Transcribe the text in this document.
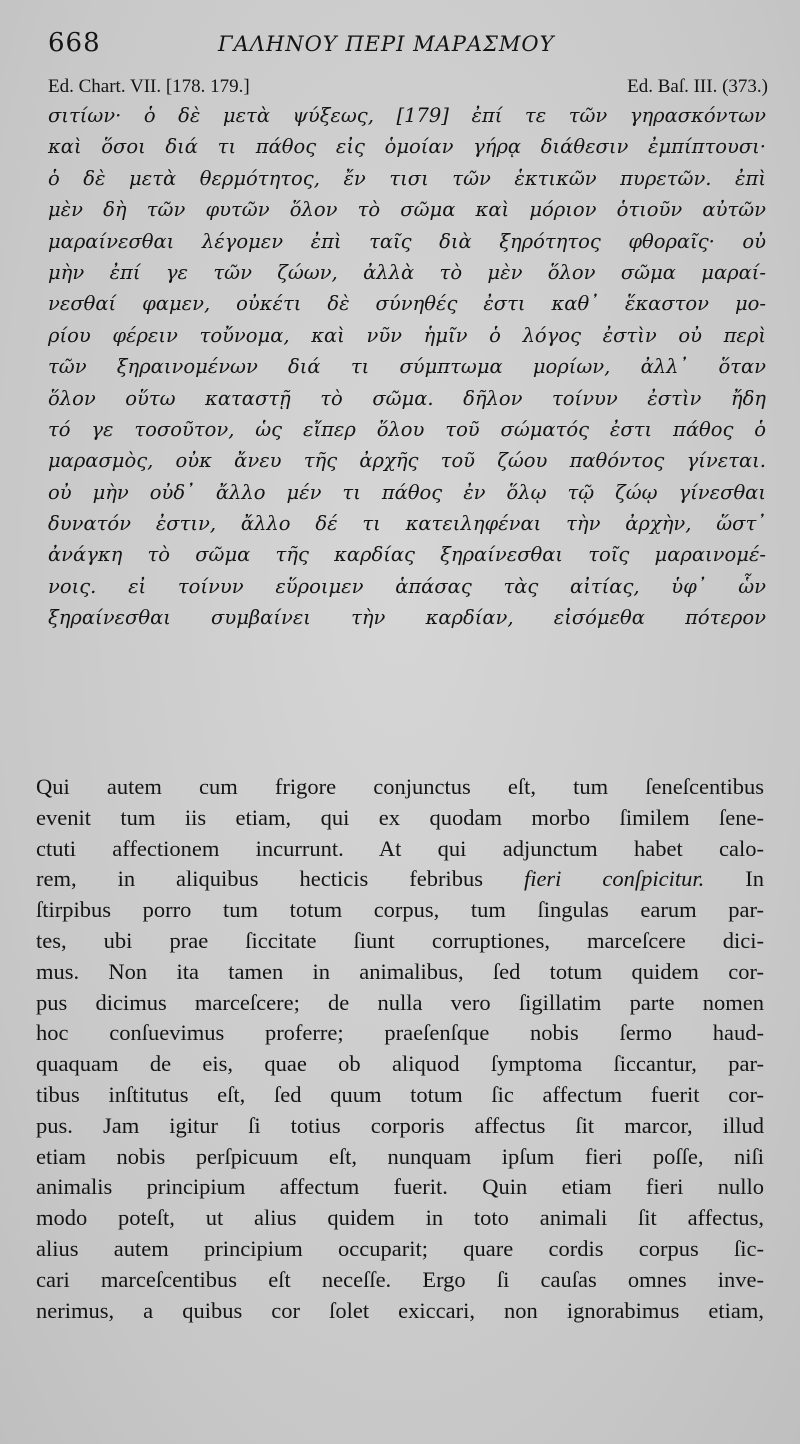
668	ΓΑΛΗΝΟΥ ΠΕΡΙ ΜΑΡΑΣΜΟΥ
Ed. Chart. VII. [178. 179.]	Ed. Baſ. III. (373.)
σιτίων· ὁ δὲ μετὰ ψύξεως, [179] ἐπί τε τῶν γηρασκόντων
καὶ ὅσοι διά τι πάθος εἰς ὁμοίαν γήρᾳ διάθεσιν ἐμπίπτουσι·
ὁ δὲ μετὰ θερμότητος, ἔν τισι τῶν ἑκτικῶν πυρετῶν. ἐπὶ
μὲν δὴ τῶν φυτῶν ὅλον τὸ σῶμα καὶ μόριον ὁτιοῦν αὐτῶν
μαραίνεσθαι λέγομεν ἐπὶ ταῖς διὰ ξηρότητος φθοραῖς· οὐ
μὴν ἐπί γε τῶν ζώων, ἀλλὰ τὸ μὲν ὅλον σῶμα μαραί-
νεσθαί φαμεν, οὐκέτι δὲ σύνηθές ἐστι καθ᾽ ἕκαστον μο-
ρίου φέρειν τοὔνομα, καὶ νῦν ἡμῖν ὁ λόγος ἐστὶν οὐ περὶ
τῶν ξηραινομένων διά τι σύμπτωμα μορίων, ἀλλ᾽ ὅταν
ὅλον οὕτω καταστῇ τὸ σῶμα. δῆλον τοίνυν ἐστὶν ἤδη
τό γε τοσοῦτον, ὡς εἴπερ ὅλου τοῦ σώματός ἐστι πάθος ὁ
μαρασμὸς, οὐκ ἄνευ τῆς ἀρχῆς τοῦ ζώου παθόντος γίνεται.
οὐ μὴν οὐδ᾽ ἄλλο μέν τι πάθος ἐν ὅλῳ τῷ ζώῳ γίνεσθαι
δυνατόν ἐστιν, ἄλλο δέ τι κατειληφέναι τὴν ἀρχὴν, ὥστ᾽
ἀνάγκη τὸ σῶμα τῆς καρδίας ξηραίνεσθαι τοῖς μαραινομέ-
νοις. εἰ τοίνυν εὕροιμεν ἁπάσας τὰς αἰτίας, ὑφ᾽ ὧν
ξηραίνεσθαι συμβαίνει τὴν καρδίαν, εἰσόμεθα πότερον
Qui autem cum frigore conjunctus eſt, tum ſeneſcentibus
evenit tum iis etiam, qui ex quodam morbo ſimilem ſene-
ctuti affectionem incurrunt. At qui adjunctum habet calo-
rem, in aliquibus hecticis febribus fieri conſpicitur. In
ſtirpibus porro tum totum corpus, tum ſingulas earum par-
tes, ubi prae ſiccitate ſiunt corruptiones, marceſcere dici-
mus. Non ita tamen in animalibus, ſed totum quidem cor-
pus dicimus marceſcere; de nulla vero ſigillatim parte nomen
hoc conſuevimus proferre; praeſenſque nobis ſermo haud-
quaquam de eis, quae ob aliquod ſymptoma ſiccantur, par-
tibus inſtitutus eſt, ſed quum totum ſic affectum fuerit cor-
pus. Jam igitur ſi totius corporis affectus ſit marcor, illud
etiam nobis perſpicuum eſt, nunquam ipſum fieri poſſe, niſi
animalis principium affectum fuerit. Quin etiam fieri nullo
modo poteſt, ut alius quidem in toto animali ſit affectus,
alius autem principium occuparit; quare cordis corpus ſic-
cari marceſcentibus eſt neceſſe. Ergo ſi cauſas omnes inve-
nerimus, a quibus cor ſolet exiccari, non ignorabimus etiam,
